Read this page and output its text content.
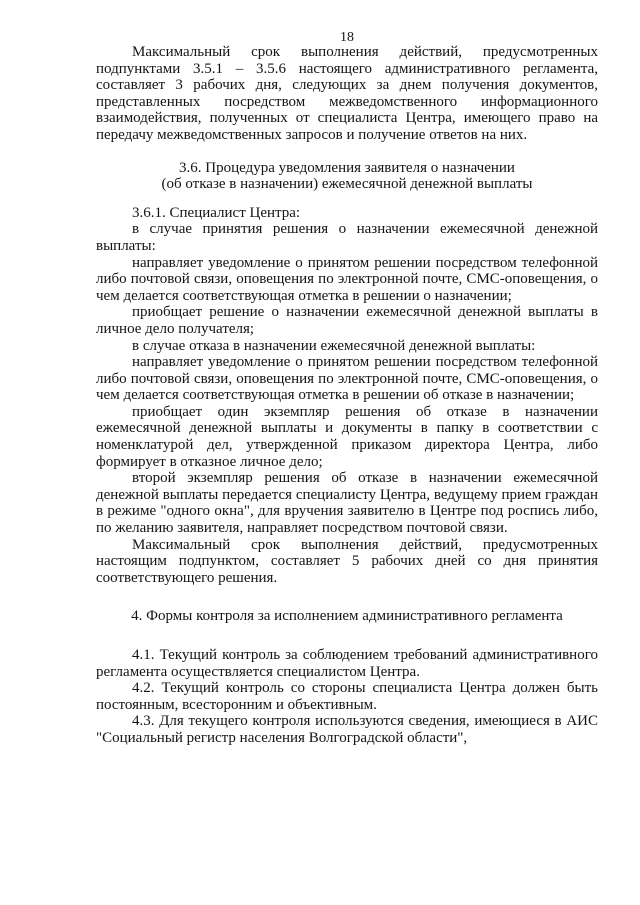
18

Максимальный срок выполнения действий, предусмотренных подпунктами 3.5.1 – 3.5.6 настоящего административного регламента, составляет 3 рабочих дня, следующих за днем получения документов, представленных посредством межведомственного информационного взаимодействия, полученных от специалиста Центра, имеющего право на передачу межведомственных запросов и получение ответов на них.

3.6. Процедура уведомления заявителя о назначении
(об отказе в назначении) ежемесячной денежной выплаты

3.6.1. Специалист Центра:

в случае принятия решения о назначении ежемесячной денежной выплаты:

направляет уведомление о принятом решении посредством телефонной либо почтовой связи, оповещения по электронной почте, СМС-оповещения, о чем делается соответствующая отметка в решении о назначении;

приобщает решение о назначении ежемесячной денежной выплаты в личное дело получателя;

в случае отказа в назначении ежемесячной денежной выплаты:

направляет уведомление о принятом решении посредством телефонной либо почтовой связи, оповещения по электронной почте, СМС-оповещения, о чем делается соответствующая отметка в решении об отказе в назначении;

приобщает один экземпляр решения об отказе в назначении ежемесячной денежной выплаты и документы в папку в соответствии с номенклатурой дел, утвержденной приказом директора Центра, либо формирует в отказное личное дело;

второй экземпляр решения об отказе в назначении ежемесячной денежной выплаты передается специалисту Центра, ведущему прием граждан в режиме "одного окна", для вручения заявителю в Центре под роспись либо, по желанию заявителя, направляет посредством почтовой связи.

Максимальный срок выполнения действий, предусмотренных настоящим подпунктом, составляет 5 рабочих дней со дня принятия соответствующего решения.

4. Формы контроля за исполнением административного регламента

4.1. Текущий контроль за соблюдением требований административного регламента осуществляется специалистом Центра.

4.2. Текущий контроль со стороны специалиста Центра должен быть постоянным, всесторонним и объективным.

4.3. Для текущего контроля используются сведения, имеющиеся в АИС "Социальный регистр населения Волгоградской области",
